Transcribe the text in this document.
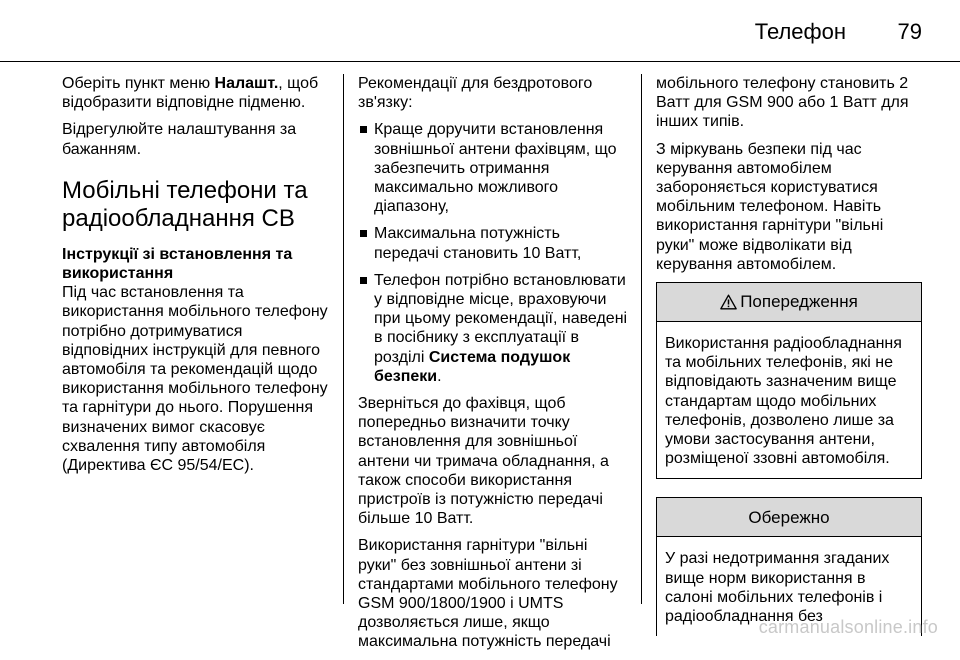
Телефон 79

Оберіть пункт меню Налашт., щоб відобразити відповідне підменю.

Відрегулюйте налаштування за бажанням.

Мобільні телефони та радіообладнання CB
Інструкції зі встановлення та використання

Під час встановлення та використання мобільного телефону потрібно дотримуватися відповідних інструкцій для певного автомобіля та рекомендацій щодо використання мобільного телефону та гарнітури до нього. Порушення визначених вимог скасовує схвалення типу автомобіля (Директива ЄС 95/54/ЕС).

Рекомендації для бездротового зв'язку:

Краще доручити встановлення зовнішньої антени фахівцям, що забезпечить отримання максимально можливого діапазону,
Максимальна потужність передачі становить 10 Ватт,
Телефон потрібно встановлювати у відповідне місце, враховуючи при цьому рекомендації, наведені в посібнику з експлуатації в розділі Система подушок безпеки.

Зверніться до фахівця, щоб попередньо визначити точку встановлення для зовнішньої антени чи тримача обладнання, а також способи використання пристроїв із потужністю передачі більше 10 Ватт.

Використання гарнітури "вільні руки" без зовнішньої антени зі стандартами мобільного телефону GSM 900/1800/1900 і UMTS дозволяється лише, якщо максимальна потужність передачі

мобільного телефону становить 2 Ватт для GSM 900 або 1 Ватт для інших типів.

З міркувань безпеки під час керування автомобілем забороняється користуватися мобільним телефоном. Навіть використання гарнітури "вільні руки" може відволікати від керування автомобілем.

Попередження

Використання радіообладнання та мобільних телефонів, які не відповідають зазначеним вище стандартам щодо мобільних телефонів, дозволено лише за умови застосування антени, розміщеної ззовні автомобіля.

Обережно

У разі недотримання згаданих вище норм використання в салоні мобільних телефонів і радіообладнання без

carmanualsonline.info
